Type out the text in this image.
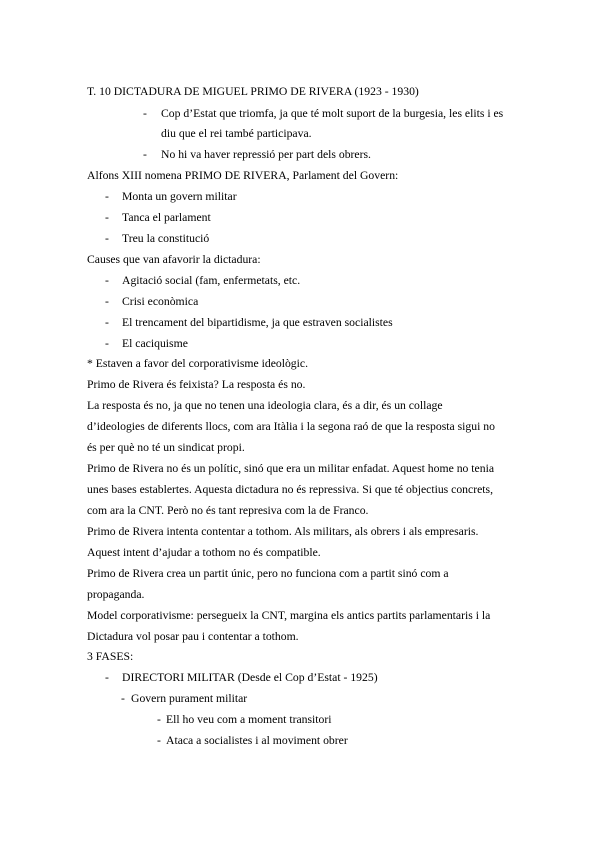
T. 10 DICTADURA DE MIGUEL PRIMO DE RIVERA (1923 - 1930)
- Cop d’Estat que triomfa, ja que té molt suport de la burgesia, les elits i es
diu que el rei també participava.
- No hi va haver repressió per part dels obrers.
Alfons XIII nomena PRIMO DE RIVERA, Parlament del Govern:
- Monta un govern militar
- Tanca el parlament
- Treu la constitució
Causes que van afavorir la dictadura:
- Agitació social (fam, enfermetats, etc.
- Crisi econòmica
- El trencament del bipartidisme, ja que estraven socialistes
- El caciquisme
* Estaven a favor del corporativisme ideològic.
Primo de Rivera és feixista? La resposta és no.
La resposta és no, ja que no tenen una ideologia clara, és a dir, és un collage
d’ideologies de diferents llocs, com ara Itàlia i la segona raó de que la resposta sigui no
és per què no té un sindicat propi.
Primo de Rivera no és un polític, sinó que era un militar enfadat. Aquest home no tenia
unes bases establertes. Aquesta dictadura no és repressiva. Si que té objectius concrets,
com ara la CNT. Però no és tant represiva com la de Franco.
Primo de Rivera intenta contentar a tothom. Als militars, als obrers i als empresaris.
Aquest intent d’ajudar a tothom no és compatible.
Primo de Rivera crea un partit únic, pero no funciona com a partit sinó com a
propaganda.
Model corporativisme: persegueix la CNT, margina els antics partits parlamentaris i la
Dictadura vol posar pau i contentar a tothom.
3 FASES:
- DIRECTORI MILITAR (Desde el Cop d’Estat - 1925)
- Govern purament militar
- Ell ho veu com a moment transitori
- Ataca a socialistes i al moviment obrer
